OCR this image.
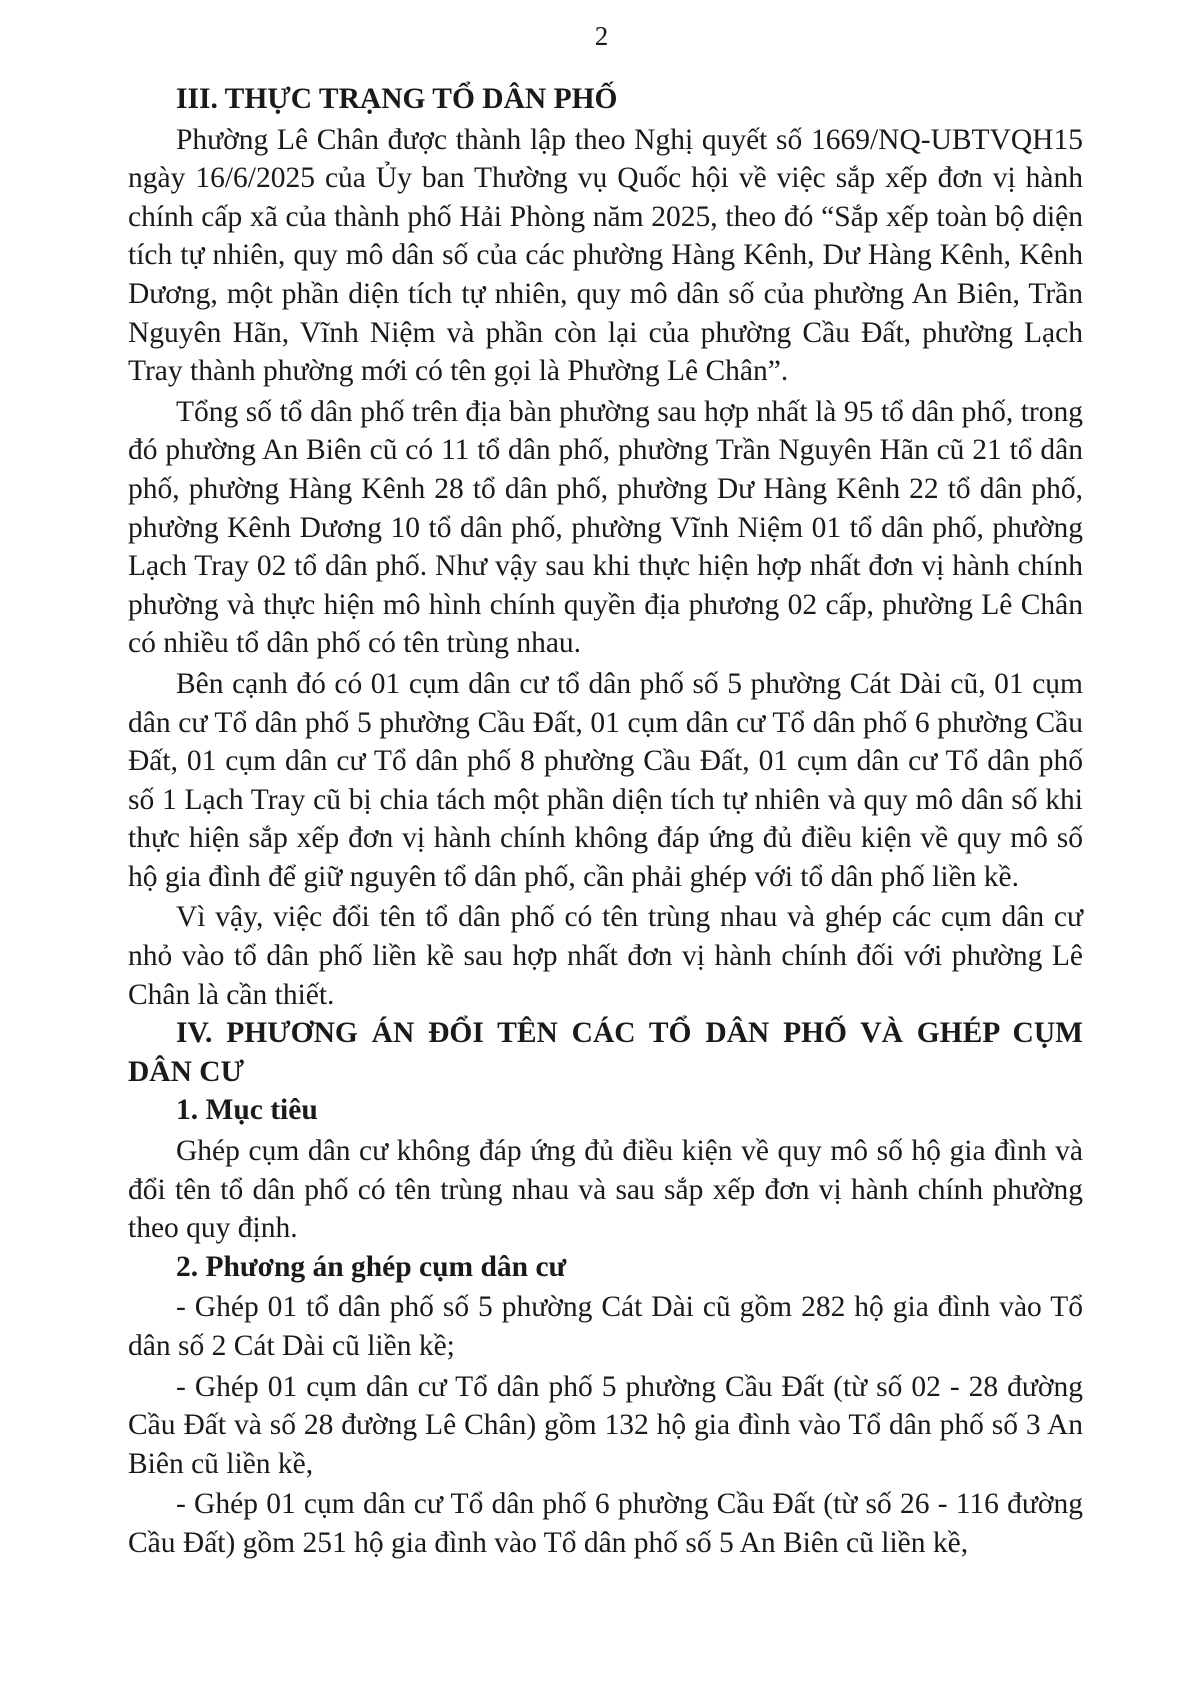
2

III. THỰC TRẠNG TỔ DÂN PHỐ

Phường Lê Chân được thành lập theo Nghị quyết số 1669/NQ-UBTVQH15 ngày 16/6/2025 của Ủy ban Thường vụ Quốc hội về việc sắp xếp đơn vị hành chính cấp xã của thành phố Hải Phòng năm 2025, theo đó “Sắp xếp toàn bộ diện tích tự nhiên, quy mô dân số của các phường Hàng Kênh, Dư Hàng Kênh, Kênh Dương, một phần diện tích tự nhiên, quy mô dân số của phường An Biên, Trần Nguyên Hãn, Vĩnh Niệm và phần còn lại của phường Cầu Đất, phường Lạch Tray thành phường mới có tên gọi là Phường Lê Chân”.

Tổng số tổ dân phố trên địa bàn phường sau hợp nhất là 95 tổ dân phố, trong đó phường An Biên cũ có 11 tổ dân phố, phường Trần Nguyên Hãn cũ 21 tổ dân phố, phường Hàng Kênh 28 tổ dân phố, phường Dư Hàng Kênh 22 tổ dân phố, phường Kênh Dương 10 tổ dân phố, phường Vĩnh Niệm 01 tổ dân phố, phường Lạch Tray 02 tổ dân phố. Như vậy sau khi thực hiện hợp nhất đơn vị hành chính phường và thực hiện mô hình chính quyền địa phương 02 cấp, phường Lê Chân có nhiều tổ dân phố có tên trùng nhau.

Bên cạnh đó có 01 cụm dân cư tổ dân phố số 5 phường Cát Dài cũ, 01 cụm dân cư Tổ dân phố 5 phường Cầu Đất, 01 cụm dân cư Tổ dân phố 6 phường Cầu Đất, 01 cụm dân cư Tổ dân phố 8 phường Cầu Đất, 01 cụm dân cư Tổ dân phố số 1 Lạch Tray cũ bị chia tách một phần diện tích tự nhiên và quy mô dân số khi thực hiện sắp xếp đơn vị hành chính không đáp ứng đủ điều kiện về quy mô số hộ gia đình để giữ nguyên tổ dân phố, cần phải ghép với tổ dân phố liền kề.

Vì vậy, việc đổi tên tổ dân phố có tên trùng nhau và ghép các cụm dân cư nhỏ vào tổ dân phố liền kề sau hợp nhất đơn vị hành chính đối với phường Lê Chân là cần thiết.

IV. PHƯƠNG ÁN ĐỔI TÊN CÁC TỔ DÂN PHỐ VÀ GHÉP CỤM DÂN CƯ

1. Mục tiêu

Ghép cụm dân cư không đáp ứng đủ điều kiện về quy mô số hộ gia đình và đổi tên tổ dân phố có tên trùng nhau và sau sắp xếp đơn vị hành chính phường theo quy định.

2. Phương án ghép cụm dân cư

- Ghép 01 tổ dân phố số 5 phường Cát Dài cũ gồm 282 hộ gia đình vào Tổ dân số 2 Cát Dài cũ liền kề;

- Ghép 01 cụm dân cư Tổ dân phố 5 phường Cầu Đất (từ số 02 - 28 đường Cầu Đất và số 28 đường Lê Chân) gồm 132 hộ gia đình vào Tổ dân phố số 3 An Biên cũ liền kề,

- Ghép 01 cụm dân cư Tổ dân phố 6 phường Cầu Đất (từ số 26 - 116 đường Cầu Đất) gồm 251 hộ gia đình vào Tổ dân phố số 5 An Biên cũ liền kề,
